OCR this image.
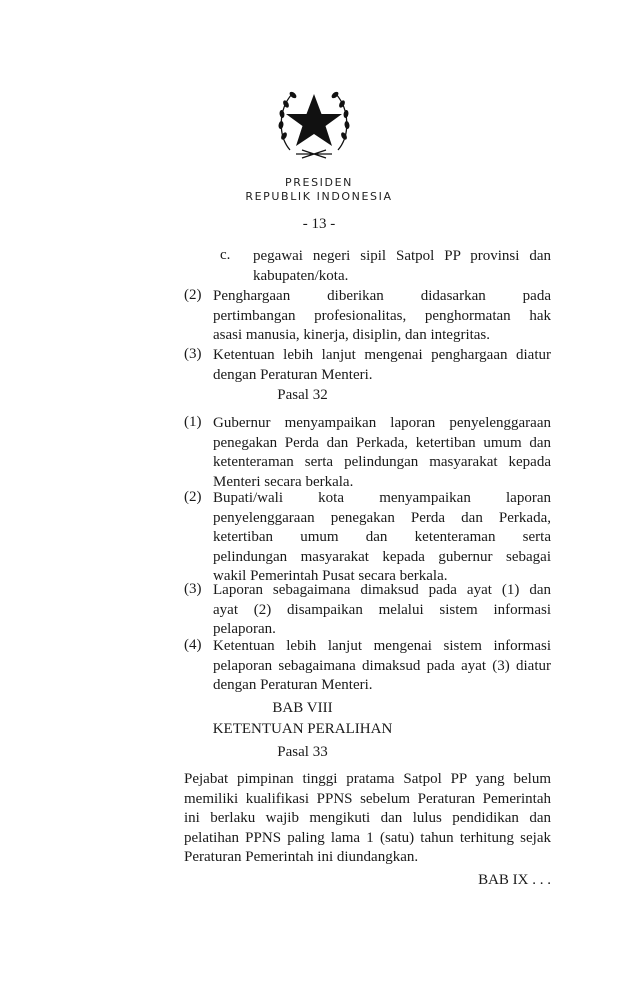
PRESIDEN
REPUBLIK INDONESIA
- 13 -
c.	pegawai negeri sipil Satpol PP provinsi dan
kabupaten/kota.
(2) Penghargaan diberikan didasarkan pada
pertimbangan profesionalitas, penghormatan hak
asasi manusia, kinerja, disiplin, dan integritas.
(3) Ketentuan lebih lanjut mengenai penghargaan diatur
dengan Peraturan Menteri.
Pasal 32
(1) Gubernur menyampaikan laporan penyelenggaraan
penegakan Perda dan Perkada, ketertiban umum dan
ketenteraman serta pelindungan masyarakat kepada
Menteri secara berkala.
(2) Bupati/wali kota menyampaikan laporan
penyelenggaraan penegakan Perda dan Perkada,
ketertiban umum dan ketenteraman serta
pelindungan masyarakat kepada gubernur sebagai
wakil Pemerintah Pusat secara berkala.
(3) Laporan sebagaimana dimaksud pada ayat (1) dan
ayat (2) disampaikan melalui sistem informasi
pelaporan.
(4) Ketentuan lebih lanjut mengenai sistem informasi
pelaporan sebagaimana dimaksud pada ayat (3) diatur
dengan Peraturan Menteri.
BAB VIII
KETENTUAN PERALIHAN
Pasal 33
Pejabat pimpinan tinggi pratama Satpol PP yang belum
memiliki kualifikasi PPNS sebelum Peraturan Pemerintah
ini berlaku wajib mengikuti dan lulus pendidikan dan
pelatihan PPNS paling lama 1 (satu) tahun terhitung sejak
Peraturan Pemerintah ini diundangkan.
BAB IX . . .
